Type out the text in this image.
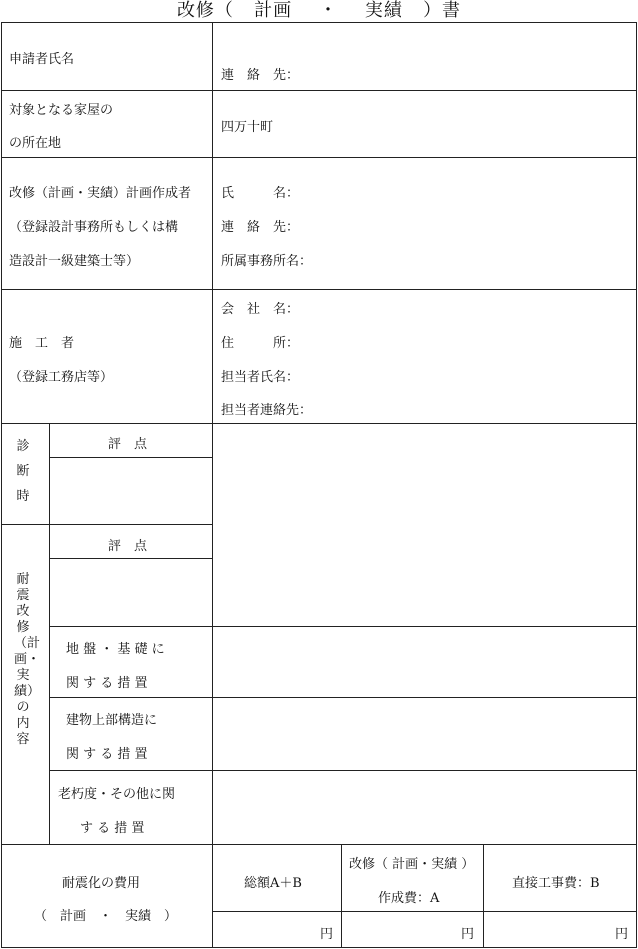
改修（ 計画 ・ 実績 ）書
申請者氏名
連　絡　先：
対象となる家屋の
の所在地
四万十町
改修（計画・実績）計画作成者
（登録設計事務所もしくは構
造設計一級建築士等）
氏　　　名：
連　絡　先：
所属事務所名：
施　工　者
（登録工務店等）
会　社　名：
住　　　所：
担当者氏名：
担当者連絡先：
診断時
評　点
耐震改修（計画・実績）の内容
評　点
地 盤 ・ 基 礎 に
関 す る 措 置
建物上部構造に
関 す る 措 置
老朽度・その他に関
す る 措 置
耐震化の費用
（　計画　・　実績　）
総額A＋B
改修（ 計画・実績 ）
作成費：A
直接工事費：B
円	円	円
